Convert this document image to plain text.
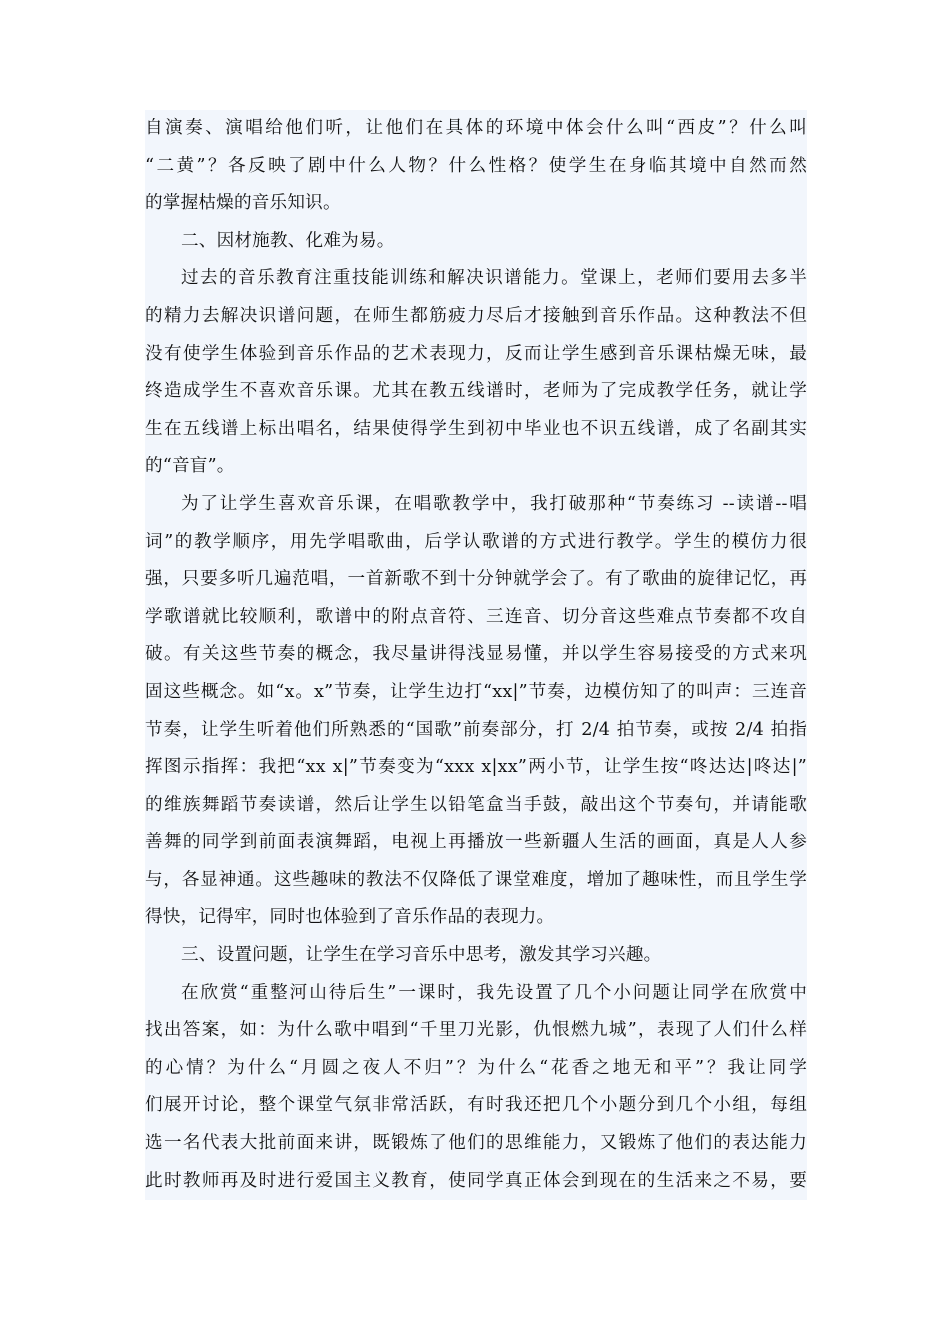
自演奏、演唱给他们听，让他们在具体的环境中体会什么叫“西皮”？什么叫
“二黄”？各反映了剧中什么人物？什么性格？使学生在身临其境中自然而然
的掌握枯燥的音乐知识。
二、因材施教、化难为易。
过去的音乐教育注重技能训练和解决识谱能力。堂课上，老师们要用去多半
的精力去解决识谱问题，在师生都筋疲力尽后才接触到音乐作品。这种教法不但
没有使学生体验到音乐作品的艺术表现力，反而让学生感到音乐课枯燥无味，最
终造成学生不喜欢音乐课。尤其在教五线谱时，老师为了完成教学任务，就让学
生在五线谱上标出唱名，结果使得学生到初中毕业也不识五线谱，成了名副其实
的“音盲”。
为了让学生喜欢音乐课，在唱歌教学中，我打破那种“节奏练习 --读谱--唱
词”的教学顺序，用先学唱歌曲，后学认歌谱的方式进行教学。学生的模仿力很
强，只要多听几遍范唱，一首新歌不到十分钟就学会了。有了歌曲的旋律记忆，再
学歌谱就比较顺利，歌谱中的附点音符、三连音、切分音这些难点节奏都不攻自
破。有关这些节奏的概念，我尽量讲得浅显易懂，并以学生容易接受的方式来巩
固这些概念。如“x。x”节奏，让学生边打“xx|”节奏，边模仿知了的叫声：三连音
节奏，让学生听着他们所熟悉的“国歌”前奏部分，打 2/4 拍节奏，或按 2/4 拍指
挥图示指挥：我把“xx x|”节奏变为“xxx x|xx”两小节，让学生按“咚达达|咚达|”
的维族舞蹈节奏读谱，然后让学生以铅笔盒当手鼓，敲出这个节奏句，并请能歌
善舞的同学到前面表演舞蹈，电视上再播放一些新疆人生活的画面，真是人人参
与，各显神通。这些趣味的教法不仅降低了课堂难度，增加了趣味性，而且学生学
得快，记得牢，同时也体验到了音乐作品的表现力。
三、设置问题，让学生在学习音乐中思考，激发其学习兴趣。
在欣赏“重整河山待后生”一课时，我先设置了几个小问题让同学在欣赏中
找出答案，如：为什么歌中唱到“千里刀光影，仇恨燃九城”，表现了人们什么样
的心情？为什么“月圆之夜人不归”？为什么“花香之地无和平”？我让同学
们展开讨论，整个课堂气氛非常活跃，有时我还把几个小题分到几个小组，每组
选一名代表大批前面来讲，既锻炼了他们的思维能力，又锻炼了他们的表达能力
此时教师再及时进行爱国主义教育，使同学真正体会到现在的生活来之不易，要
